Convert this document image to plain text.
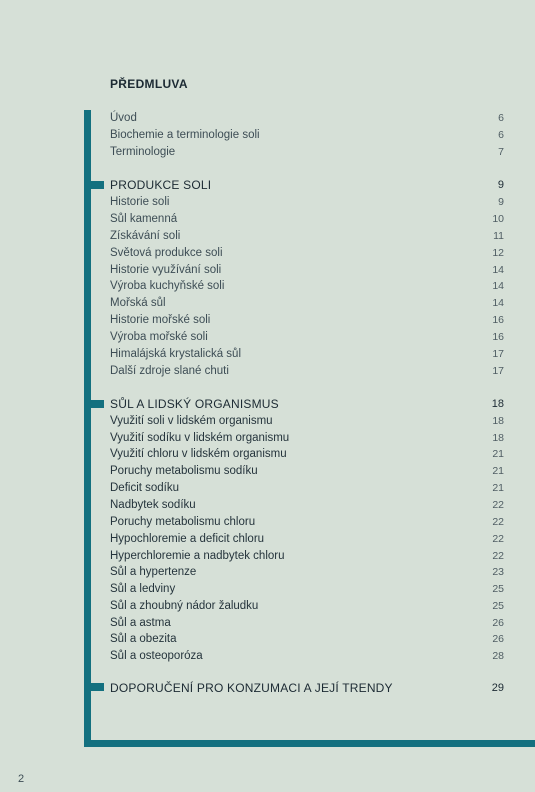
PŘEDMLUVA
Úvod	6
Biochemie a terminologie soli	6
Terminologie	7
PRODUKCE SOLI	9
Historie soli	9
Sůl kamenná	10
Získávání soli	11
Světová produkce soli	12
Historie využívání soli	14
Výroba kuchyňské soli	14
Mořská sůl	14
Historie mořské soli	16
Výroba mořské soli	16
Himalájská krystalická sůl	17
Další zdroje slané chuti	17
SŮL A LIDSKÝ ORGANISMUS	18
Využití soli v lidském organismu	18
Využití sodíku v lidském organismu	18
Využití chloru v lidském organismu	21
Poruchy metabolismu sodíku	21
Deficit sodíku	21
Nadbytek sodíku	22
Poruchy metabolismu chloru	22
Hypochloremie a deficit chloru	22
Hyperchloremie a nadbytek chloru	22
Sůl a hypertenze	23
Sůl a ledviny	25
Sůl a zhoubný nádor žaludku	25
Sůl a astma	26
Sůl a obezita	26
Sůl a osteoporóza	28
DOPORUČENÍ PRO KONZUMACI A JEJÍ TRENDY	29
2
